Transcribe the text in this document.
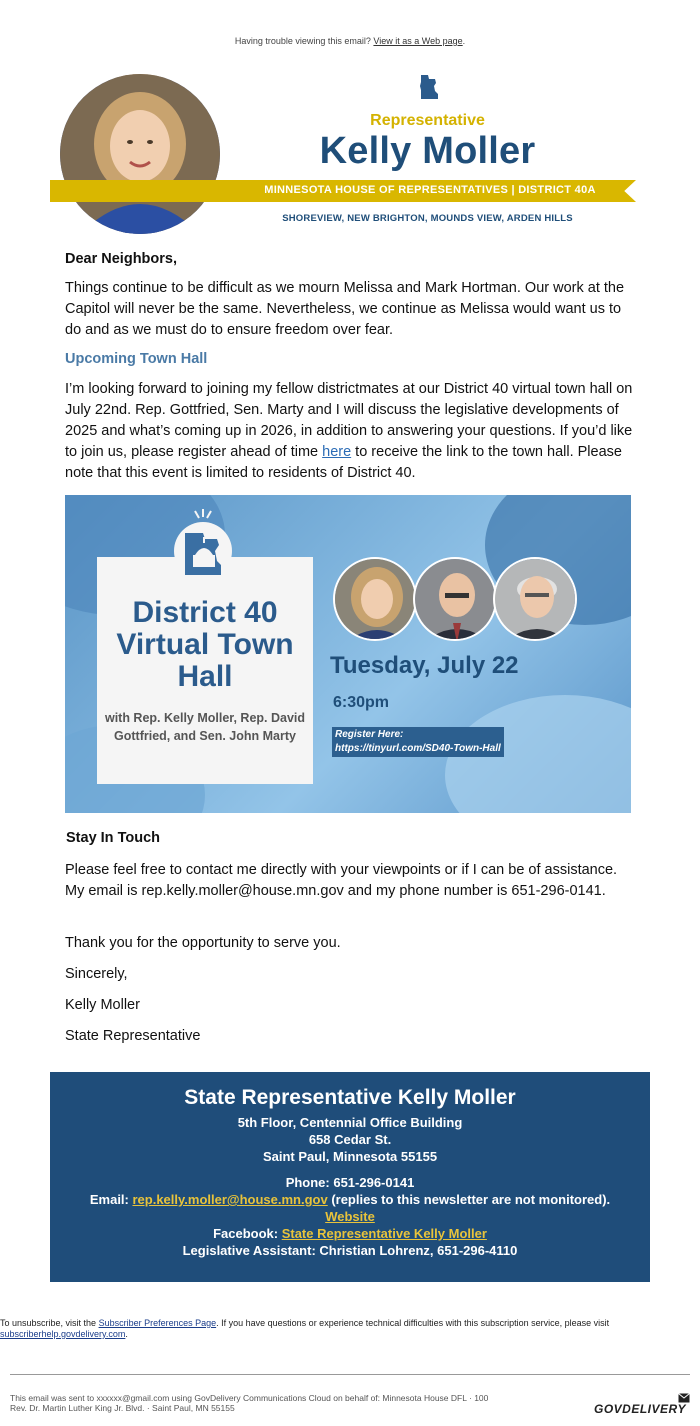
Having trouble viewing this email? View it as a Web page.
Representative
Kelly Moller
MINNESOTA HOUSE OF REPRESENTATIVES | DISTRICT 40A
SHOREVIEW, NEW BRIGHTON, MOUNDS VIEW, ARDEN HILLS
Dear Neighbors,
Things continue to be difficult as we mourn Melissa and Mark Hortman. Our work at the Capitol will never be the same. Nevertheless, we continue as Melissa would want us to do and as we must do to ensure freedom over fear.
Upcoming Town Hall
I’m looking forward to joining my fellow districtmates at our District 40 virtual town hall on July 22nd. Rep. Gottfried, Sen. Marty and I will discuss the legislative developments of 2025 and what’s coming up in 2026, in addition to answering your questions. If you’d like to join us, please register ahead of time here to receive the link to the town hall. Please note that this event is limited to residents of District 40.
District 40 Virtual Town Hall
with Rep. Kelly Moller, Rep. David Gottfried, and Sen. John Marty
Tuesday, July 22
6:30pm
Register Here:
https://tinyurl.com/SD40-Town-Hall
Stay In Touch
Please feel free to contact me directly with your viewpoints or if I can be of assistance. My email is rep.kelly.moller@house.mn.gov and my phone number is 651-296-0141.
Thank you for the opportunity to serve you.
Sincerely,
Kelly Moller
State Representative
State Representative Kelly Moller
5th Floor, Centennial Office Building
658 Cedar St.
Saint Paul, Minnesota 55155
Phone: 651-296-0141
Email: rep.kelly.moller@house.mn.gov (replies to this newsletter are not monitored).
Website
Facebook: State Representative Kelly Moller
Legislative Assistant: Christian Lohrenz, 651-296-4110
To unsubscribe, visit the Subscriber Preferences Page. If you have questions or experience technical difficulties with this subscription service, please visit subscriberhelp.govdelivery.com.
This email was sent to xxxxxx@gmail.com using GovDelivery Communications Cloud on behalf of: Minnesota House DFL · 100
Rev. Dr. Martin Luther King Jr. Blvd. · Saint Paul, MN 55155	GOVDELIVERY
